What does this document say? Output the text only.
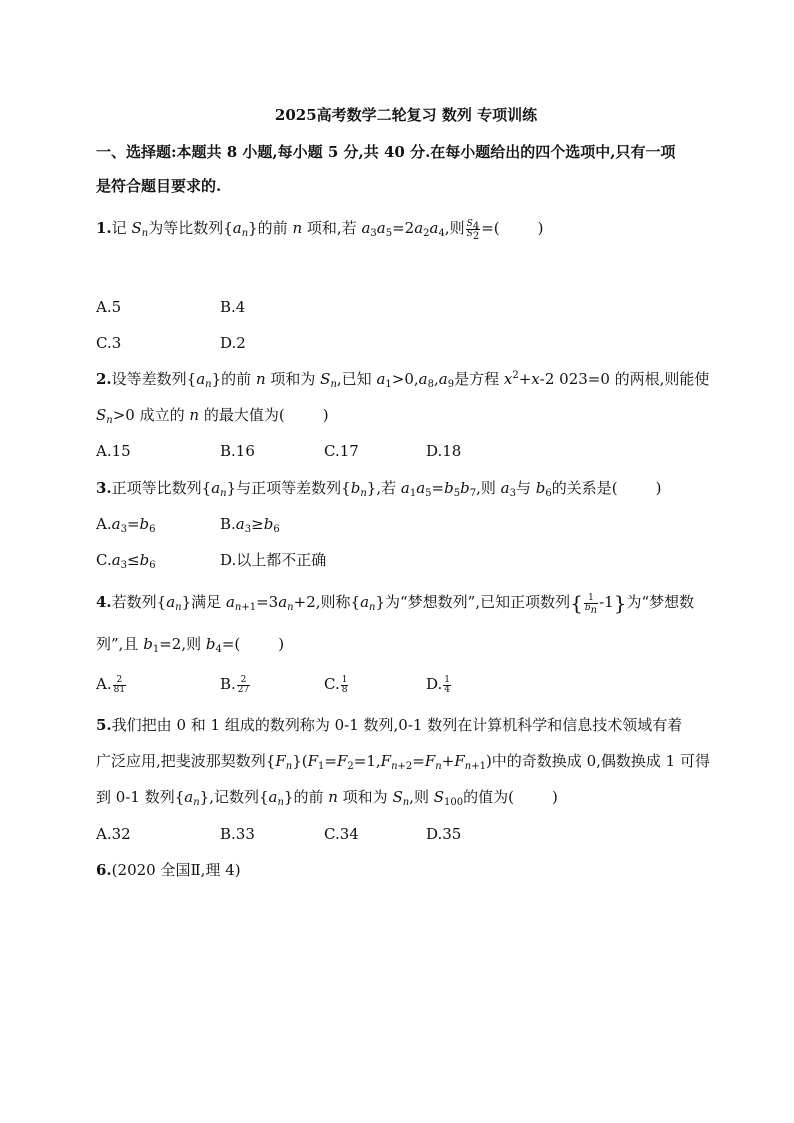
2025高考数学二轮复习 数列 专项训练
一、选择题:本题共 8 小题,每小题 5 分,共 40 分.在每小题给出的四个选项中,只有一项
是符合题目要求的.
1.记 $S_n$为等比数列$\{a_n\}$的前 n 项和,若 $a_3a_5=2a_2a_4$,则 $\frac{S_4}{S_2}$ =(	)
A.5	B.4
C.3	D.2
2.设等差数列$\{a_n\}$的前 n 项和为 $S_n$,已知 $a_1>0,a_8,a_9$是方程 $x^2+x-2$ 023=0 的两根,则能使
$S_n>0$ 成立的 n 的最大值为(	)
A.15	B.16	C.17	D.18
3.正项等比数列$\{a_n\}$与正项等差数列$\{b_n\}$,若 $a_1a_5=b_5b_7$,则 $a_3$与 $b_6$的关系是(	)
$A.a_3=b_6$	$B.a_3\ge b_6$
$C.a_3\le b_6$	D.以上都不正确
4.若数列$\{a_n\}$满足 $a_{n+1}=3a_n+2$,则称$\{a_n\}$为“梦想数列”,已知正项数列{ $\frac{1}{b_n} -1$}为“梦想数
列”,且 $b_1=2$,则 $b_4=$(	)
A. $\frac{2}{81}$	B. $\frac{2}{27}$	C. $\frac{1}{8}$	D. $\frac{1}{4}$
5.我们把由 0 和 1 组成的数列称为 0-1 数列,0-1 数列在计算机科学和信息技术领域有着
广泛应用,把斐波那契数列$\{F_n\}(F_1=F_2=1,F_{n+2}=F_n+F_{n+1})$中的奇数换成 0,偶数换成 1 可得
到 0-1 数列$\{a_n\}$,记数列$\{a_n\}$的前 n 项和为 $S_n$,则 $S_{100}$的值为(	)
A.32	B.33	C.34	D.35
6.(2020 全国Ⅱ,理 4)
